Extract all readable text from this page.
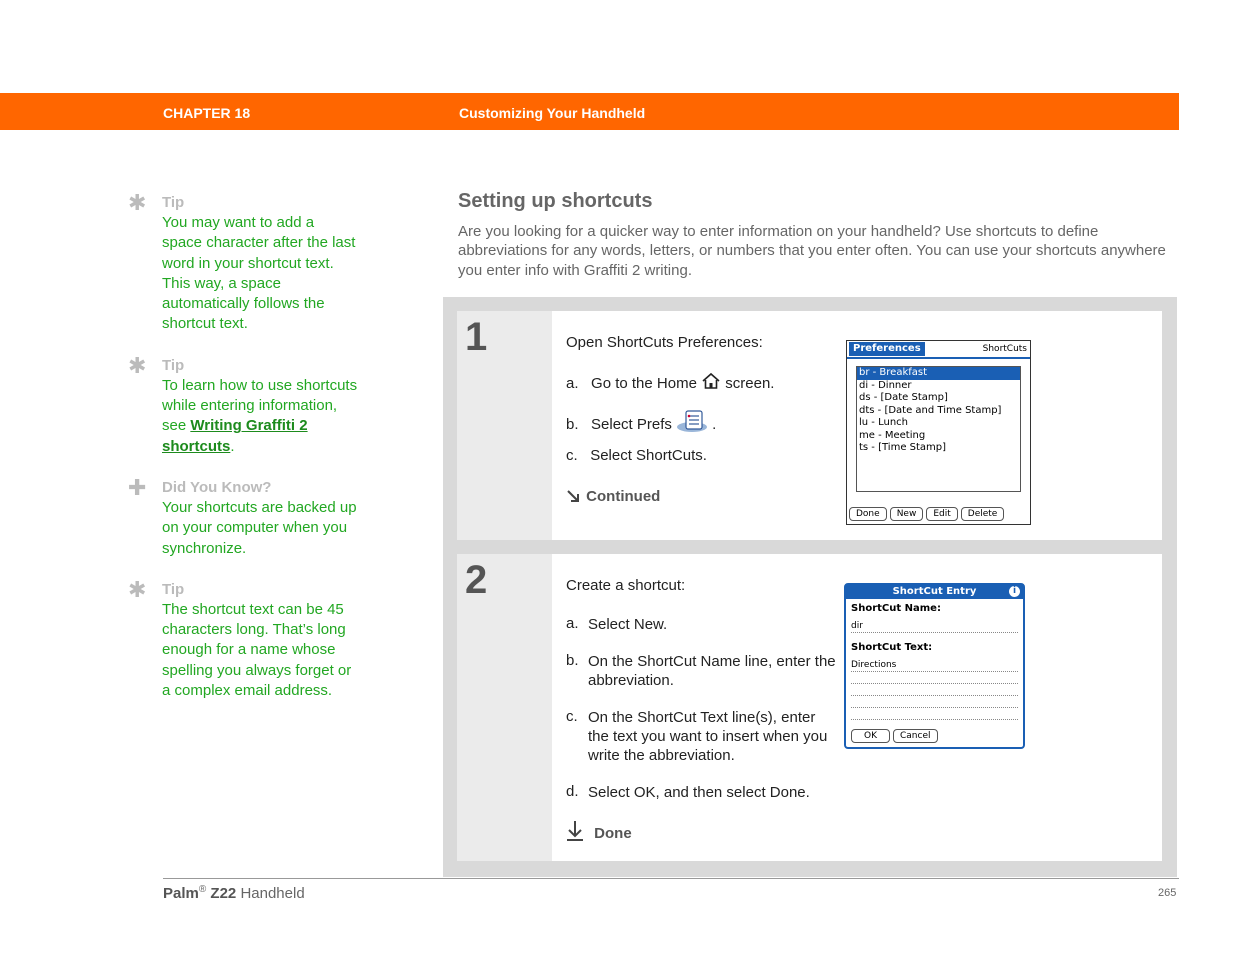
CHAPTER 18	Customizing Your Handheld
✱ Tip
You may want to add a space character after the last word in your shortcut text. This way, a space automatically follows the shortcut text.
✱ Tip
To learn how to use shortcuts while entering information, see Writing Graffiti 2 shortcuts.
✚ Did You Know?
Your shortcuts are backed up on your computer when you synchronize.
✱ Tip
The shortcut text can be 45 characters long. That’s long enough for a name whose spelling you always forget or a complex email address.
Setting up shortcuts
Are you looking for a quicker way to enter information on your handheld? Use shortcuts to define abbreviations for any words, letters, or numbers that you enter often. You can use your shortcuts anywhere you enter info with Graffiti 2 writing.
1	Open ShortCuts Preferences:
a. Go to the Home screen.
b. Select Prefs	.
c. Select ShortCuts.
Continued
Preferences	ShortCuts
br - Breakfast
di - Dinner
ds - [Date Stamp]
dts - [Date and Time Stamp]
lu - Lunch
me - Meeting
ts - [Time Stamp]
Done New Edit Delete
2	Create a shortcut:
a. Select New.
b. On the ShortCut Name line, enter the abbreviation.
c. On the ShortCut Text line(s), enter the text you want to insert when you write the abbreviation.
d. Select OK, and then select Done.
Done
ShortCut Entry	i
ShortCut Name:
dir
ShortCut Text:
Directions
OK	Cancel
Palm® Z22 Handheld	265
